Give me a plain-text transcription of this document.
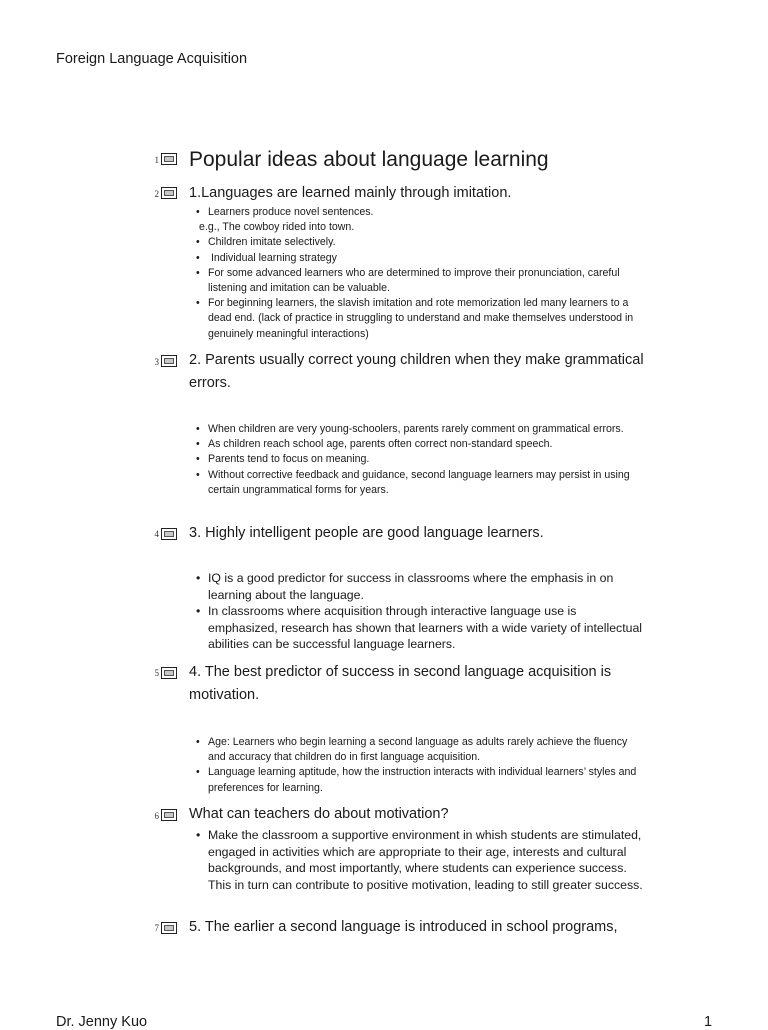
Foreign Language Acquisition
1 Popular ideas about language learning
2 1.Languages are learned mainly through imitation.
• Learners produce novel sentences.
e.g., The cowboy rided into town.
• Children imitate selectively.
•  Individual learning strategy
• For some advanced learners who are determined to improve their pronunciation, careful listening and imitation can be valuable.
• For beginning learners, the slavish imitation and rote memorization led many learners to a dead end. (lack of practice in struggling to understand and make themselves understood in genuinely meaningful interactions)
3 2. Parents usually correct young children when they make grammatical errors.
• When children are very young-schoolers, parents rarely comment on grammatical errors.
• As children reach school age, parents often correct non-standard speech.
• Parents tend to focus on meaning.
• Without corrective feedback and guidance, second language learners may persist in using certain ungrammatical forms for years.
4 3. Highly intelligent people are good language learners.
• IQ is a good predictor for success in classrooms where the emphasis in on learning about the language.
• In classrooms where acquisition through interactive language use is emphasized, research has shown that learners with a wide variety of intellectual abilities can be successful language learners.
5 4. The best predictor of success in second language acquisition is motivation.
• Age: Learners who begin learning a second language as adults rarely achieve the fluency and accuracy that children do in first language acquisition.
• Language learning aptitude, how the instruction interacts with individual learners’ styles and preferences for learning.
6 What can teachers do about motivation?
• Make the classroom a supportive environment in whish students are stimulated, engaged in activities which are appropriate to their age, interests and cultural backgrounds, and most importantly, where students can experience success. This in turn can contribute to positive motivation, leading to still greater success.
7 5. The earlier a second language is introduced in school programs,
Dr. Jenny Kuo	1
